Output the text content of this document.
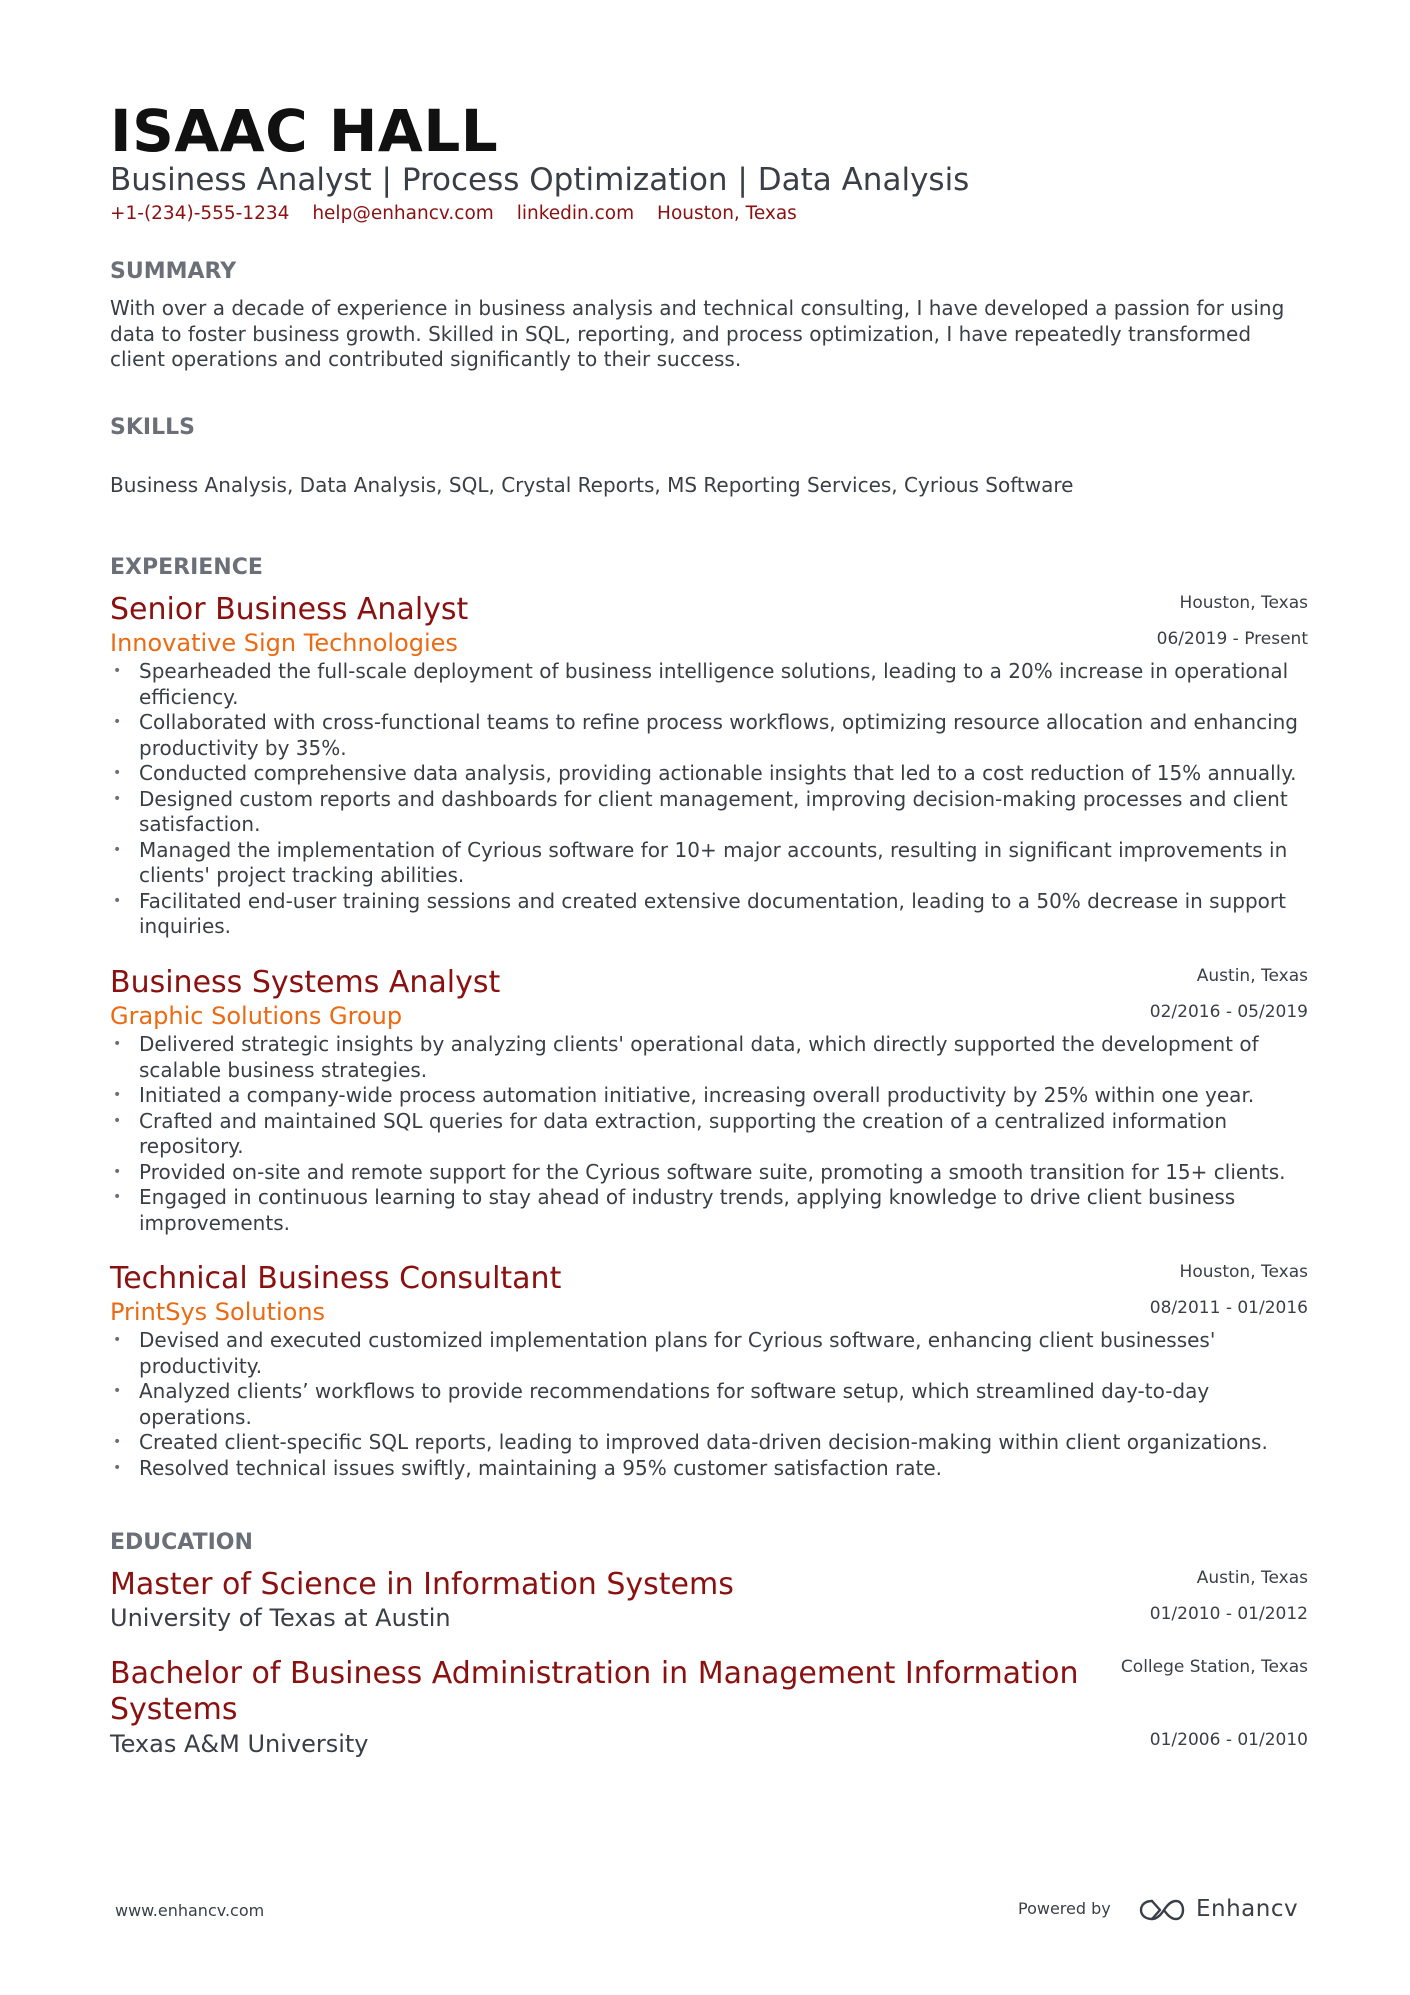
ISAAC HALL
Business Analyst | Process Optimization | Data Analysis
+1-(234)-555-1234 help@enhancv.com linkedin.com Houston, Texas
SUMMARY
With over a decade of experience in business analysis and technical consulting, I have developed a passion for using data to foster business growth. Skilled in SQL, reporting, and process optimization, I have repeatedly transformed client operations and contributed significantly to their success.
SKILLS
Business Analysis, Data Analysis, SQL, Crystal Reports, MS Reporting Services, Cyrious Software
EXPERIENCE
Senior Business Analyst
Innovative Sign Technologies
Houston, Texas
06/2019 - Present
• Spearheaded the full-scale deployment of business intelligence solutions, leading to a 20% increase in operational efficiency.
• Collaborated with cross-functional teams to refine process workflows, optimizing resource allocation and enhancing productivity by 35%.
• Conducted comprehensive data analysis, providing actionable insights that led to a cost reduction of 15% annually.
• Designed custom reports and dashboards for client management, improving decision-making processes and client satisfaction.
• Managed the implementation of Cyrious software for 10+ major accounts, resulting in significant improvements in clients' project tracking abilities.
• Facilitated end-user training sessions and created extensive documentation, leading to a 50% decrease in support inquiries.
Business Systems Analyst
Graphic Solutions Group
Austin, Texas
02/2016 - 05/2019
• Delivered strategic insights by analyzing clients' operational data, which directly supported the development of scalable business strategies.
• Initiated a company-wide process automation initiative, increasing overall productivity by 25% within one year.
• Crafted and maintained SQL queries for data extraction, supporting the creation of a centralized information repository.
• Provided on-site and remote support for the Cyrious software suite, promoting a smooth transition for 15+ clients.
• Engaged in continuous learning to stay ahead of industry trends, applying knowledge to drive client business improvements.
Technical Business Consultant
PrintSys Solutions
Houston, Texas
08/2011 - 01/2016
• Devised and executed customized implementation plans for Cyrious software, enhancing client businesses' productivity.
• Analyzed clients’ workflows to provide recommendations for software setup, which streamlined day-to-day operations.
• Created client-specific SQL reports, leading to improved data-driven decision-making within client organizations.
• Resolved technical issues swiftly, maintaining a 95% customer satisfaction rate.
EDUCATION
Master of Science in Information Systems
University of Texas at Austin
Austin, Texas
01/2010 - 01/2012
Bachelor of Business Administration in Management Information Systems
Texas A&M University
College Station, Texas
01/2006 - 01/2010
www.enhancv.com	Powered by	Enhancv
